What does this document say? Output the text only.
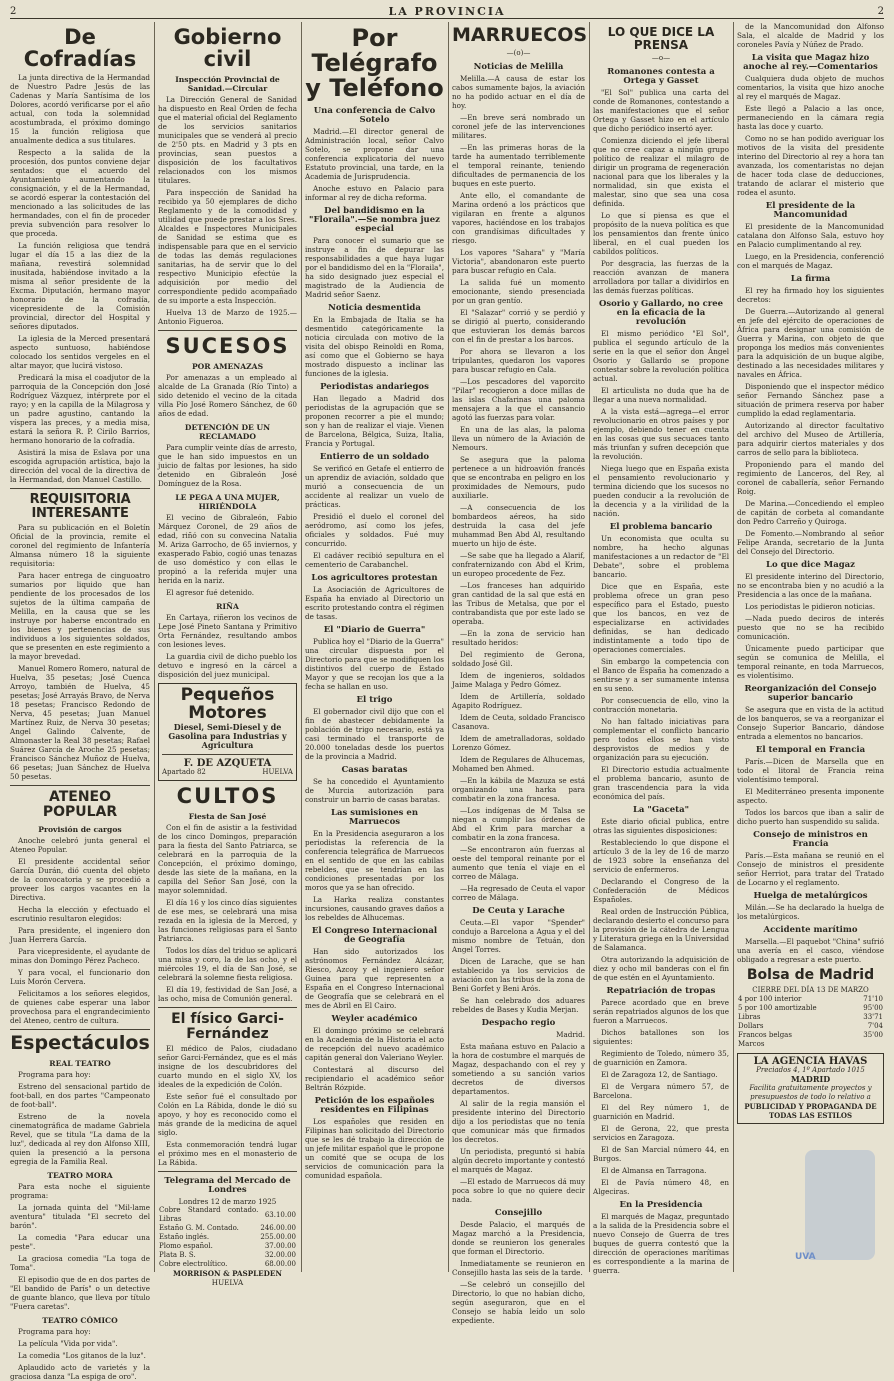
2	LA PROVINCIA	2
De Cofradías

La junta directiva de la Hermandad de Nuestro Padre Jesús de las Cadenas y María Santísima de los Dolores, acordó verificarse por el año actual, con toda la solemnidad acostumbrada, el próximo domingo 15 la función religiosa que anualmente dedica a sus titulares.

Respecto a la salida de la procesión, dos puntos conviene dejar sentados: que el acuerdo del Ayuntamiento aumentando la consignación, y el de la Hermandad, se acordó esperar la contestación del mencionado a las solicitudes de las hermandades, con el fin de proceder previa subvención para resolver lo que proceda.

La función religiosa que tendrá lugar el día 15 a las diez de la mañana, revestirá solemnidad inusitada, habiéndose invitado a la misma al señor presidente de la Excma. Diputación, hermano mayor honorario de la cofradía, vicepresidente de la Comisión provincial, director del Hospital y señores diputados.

La iglesia de la Merced presentará aspecto suntuoso, habiéndose colocado los sentidos vergeles en el altar mayor, que lucirá vistoso.

Predicará la misa el coadjutor de la parroquia de la Concepción don José Rodríguez Vázquez, intérprete por el rayo; y en la capilla de la Milagrosa y un padre agustino, cantando la víspera las preces, y a media misa, estará la señora R. P. Cirilo Barrios, hermano honorario de la cofradía.

Asistirá la misa de Eslava por una escogida agrupación artística, bajo la dirección del vocal de la directiva de la Hermandad, don Manuel Castillo.

REQUISITORIA INTERESANTE

Para su publicación en el Boletín Oficial de la provincia, remite el coronel del regimiento de Infantería Almansa número 18 la siguiente requisitoria:

Para hacer entrega de cinguoatro sumarios por liquido que han pendiente de los procesados de los sujetos de la última campaña de Melilla, en la causa que se les instruye por haberse encontrado en los bienes y pertenencias de sus individuos a los siguientes soldados, que se presenten en este regimiento a la mayor brevedad.

Manuel Romero Romero, natural de Huelva, 35 pesetas; José Cuenca Arroyo, también de Huelva, 45 pesetas; José Arrayás Bravo, de Nerva 18 pesetas; Francisco Redondo de Nerva, 45 pesetas; Juan Manuel Martínez Ruiz, de Nerva 30 pesetas; Angel Galindo Calvente, de Almonaster la Real 38 pesetas; Rafael Suárez García de Aroche 25 pesetas; Francisco Sánchez Muñoz de Huelva, 66 pesetas; Juan Sánchez de Huelva 50 pesetas.

ATENEO POPULAR
Provisión de cargos

Anoche celebró junta general el Ateneo Popular.

El presidente accidental señor García Durán, dió cuenta del objeto de la convocatoria y se procedió a proveer los cargos vacantes en la Directiva.

Hecha la elección y efectuado el escrutinio resultaron elegidos:

Para presidente, el ingeniero don Juan Herrera García.

Para vicepresidente, el ayudante de minas don Domingo Pérez Pacheco.

Y para vocal, el funcionario don Luis Morón Cervera.

Felicitamos a los señores elegidos, de quienes cabe esperar una labor provechosa para el engrandecimiento del Ateneo, centro de cultura.

Espectáculos
REAL TEATRO

Programa para hoy:

Estreno del sensacional partido de foot-ball, en dos partes "Campeonato de foot-ball".

Estreno de la novela cinematográfica de madame Gabriela Revel, que se titula "La dama de la luz", dedicada al rey don Alfonso XIII, quien la presenció a la persona egregia de la Familia Real.

TEATRO MORA

Para esta noche el siguiente programa:

La jornada quinta del "Mil-lame aventura" titulada "El secreto del barón".

La comedia "Para educar una peste".

La graciosa comedia "La toga de Toma".

El episodio que de en dos partes de "El bandido de París" o un detective de guante blanco, que lleva por título "Fuera caretas".

TEATRO CÓMICO

Programa para hoy:

La película "Vida por vida".

La comedia "Los gitanos de la luz".

Aplaudido acto de varietés y la graciosa danza "La espiga de oro".

Gobierno civil
Inspección Provincial de Sanidad.—Circular

La Dirección General de Sanidad ha dispuesto en Real Orden de fecha que el material oficial del Reglamento de los servicios sanitarios municipales que se venderá al precio de 2'50 pts. en Madrid y 3 pts en provincias, sean puestos a disposición de los facultativos relacionados con los mismos titulares.

Para inspección de Sanidad ha recibido ya 50 ejemplares de dicho Reglamento y de la comodidad y utilidad que puede prestar a los Sres. Alcaldes e Inspectores Municipales de Sanidad se estima que es indispensable para que en el servicio de todas las demás regulaciones sanitarias, ha de servir que lo del respectivo Municipio efectúe la adquisición por medio del correspondiente pedido acompañado de su importe a esta Inspección.

Huelva 13 de Marzo de 1925.—Antonio Figueroa.

SUCESOS
POR AMENAZAS

Por amenazas a un empleado al alcalde de La Granada (Río Tinto) a sido detenido el vecino de la citada villa Pío José Romero Sánchez, de 60 años de edad.

DETENCIÓN DE UN RECLAMADO

Para cumplir veinte días de arresto, que le han sido impuestos en un juicio de faltas por lesiones, ha sido detenido en Gibraleón José Domínguez de la Rosa.

LE PEGA A UNA MUJER, HIRIÉNDOLA

El vecino de Gibraleón, Fabio Márquez Coronel, de 29 años de edad, riñó con su convecina Natalia M. Ariza Garrocho, de 65 inviernos, y exasperado Fabio, cogió unas tenazas de uso doméstico y con ellas le propinó a la referida mujer una herida en la nariz.

El agresor fué detenido.

RIÑA

En Cartaya, riñeron los vecinos de Lepe José Pineto Santana y Primitivo Orta Fernández, resultando ambos con lesiones leves.

La guardia civil de dicho pueblo los detuvo e ingresó en la cárcel a disposición del juez municipal.

Pequeños Motores
Diesel, Semi-Diesel y de Gasolina para Industrias y Agricultura
F. DE AZQUETA
Apartado 82	HUELVA
CULTOS
Fiesta de San José

Con el fin de asistir a la festividad de los cinco Domingos, preparación para la fiesta del Santo Patriarca, se celebrará en la parroquia de la Concepción, el próximo domingo, desde las siete de la mañana, en la capilla del Señor San José, con la mayor solemnidad.

El día 16 y los cinco días siguientes de ese mes, se celebrará una misa rezada en la iglesia de la Merced, y las funciones religiosas para el Santo Patriarca.

Todos los días del triduo se aplicará una misa y coro, la de las ocho, y el miércoles 19, el día de San José, se celebrará la solemne fiesta religiosa.

El día 19, festividad de San José, a las ocho, misa de Comunión general.

El físico Garci-Fernández

El médico de Palos, ciudadano señor Garci-Fernández, que es el más insigne de los descubridores del cuarto mundo en el siglo XV, los ideales de la expedición de Colón.

Este señor fué el consultado por Colón en La Rábida, donde le dió su apoyo, y hoy es reconocido como el más grande de la medicina de aquel siglo.

Esta conmemoración tendrá lugar el próximo mes en el monasterio de La Rábida.

Telegrama del Mercado de Londres
Londres 12 de marzo 1925
Cobre Standard contado. Libras	63.10.00
Estaño G. M. Contado.	246.00.00
Estaño inglés.	255.00.00
Plomo español.	37.00.00
Plata B. S.	32.00.00
Cobre electrolítico.	68.00.00
MORRISON & PASPLEDEN
HUELVA
Por Telégrafo y Teléfono
Una conferencia de Calvo Sotelo

Madrid.—El director general de Administración local, señor Calvo Sotelo, se propone dar una conferencia explicatoria del nuevo Estatuto provincial, una tarde, en la Academia de Jurisprudencia.

Anoche estuvo en Palacio para informar al rey de dicha reforma.

Del bandidismo en la "Floraila".—Se nombra juez especial

Para conocer el sumario que se instruye a fin de depurar las responsabilidades a que haya lugar por el bandidismo del en la "Floraila", ha sido designado juez especial el magistrado de la Audiencia de Madrid señor Saenz.

Noticia desmentida

En la Embajada de Italia se ha desmentido categóricamente la noticia circulada con motivo de la visita del obispo Reinoldi en Roma, así como que el Gobierno se haya mostrado dispuesto a inclinar las funciones de la iglesia.

Periodistas andariegos

Han llegado a Madrid dos periodistas de la agrupación que se proponen recorrer a pie el mundo; son y han de realizar el viaje. Vienen de Barcelona, Bélgica, Suiza, Italia, Francia y Portugal.

Entierro de un soldado

Se verificó en Getafe el entierro de un aprendiz de aviación, soldado que murió a consecuencia de un accidente al realizar un vuelo de prácticas.

Presidió el duelo el coronel del aeródromo, así como los jefes, oficiales y soldados. Fué muy concurrido.

El cadáver recibió sepultura en el cementerio de Carabanchel.

Los agricultores protestan

La Asociación de Agricultores de España ha enviado al Directorio un escrito protestando contra el régimen de tasas.

El "Diario de Guerra"

Publica hoy el "Diario de la Guerra" una circular dispuesta por el Directorio para que se modifiquen los distintivos del cuerpo de Estado Mayor y que se recojan los que a la fecha se hallan en uso.

El trigo

El gobernador civil dijo que con el fin de abastecer debidamente la población de trigo necesario, está ya casi terminado el transporte de 20.000 toneladas desde los puertos de la provincia a Madrid.

Casas baratas

Se ha concedido el Ayuntamiento de Murcia autorización para construir un barrio de casas baratas.

Las sumisiones en Marruecos

En la Presidencia aseguraron a los periodistas la referencia de la conferencia telegráfica de Marruecos en el sentido de que en las cabilas rebeldes, que se tendrían en las condiciones presentadas por los moros que ya se han ofrecido.

La Harka realiza constantes incursiones, causando graves daños a los rebeldes de Alhucemas.

El Congreso Internacional de Geografía

Han sido autorizados los astrónomos Fernández Alcázar, Riesco, Azcoy y el ingeniero señor Guinea para que representen a España en el Congreso Internacional de Geografía que se celebrará en el mes de Abril en El Cairo.

Weyler académico

El domingo próximo se celebrará en la Academia de la Historia el acto de recepción del nuevo académico capitán general don Valeriano Weyler.

Contestará al discurso del recipiendario el académico señor Beltrán Rózpide.

Petición de los españoles residentes en Filipinas

Los españoles que residen en Filipinas han solicitado del Directorio que se les dé trabajo la dirección de un jefe militar español que le propone un comité que se ocupa de los servicios de comunicación para la comunidad española.

MARRUECOS
—(o)—
Noticias de Melilla

Melilla.—A causa de estar los cabos sumamente bajos, la aviación no ha podido actuar en el día de hoy.

—En breve será nombrado un coronel jefe de las intervenciones militares.

—En las primeras horas de la tarde ha aumentado terriblemente el temporal reinante, teniendo dificultades de permanencia de los buques en este puerto.

Ante ello, el comandante de Marina ordenó a los prácticos que vigilaran en frente a algunos vapores, haciéndose en los trabajos con grandísimas dificultades y riesgo.

Los vapores "Sahara" y "María Victoria", abandonaron este puerto para buscar refugio en Cala.

La salida fué un momento emocionante, siendo presenciada por un gran gentío.

El "Salazar" corrió y se perdió y se dirigió al puerto, considerando que estuvieran los demás barcos con el fin de prestar a los barcos.

Por ahora se llevaron a los tripulantes, quedaron los vapores para buscar refugio en Cala.

—Los pescadores del vaporcito "Pilar" recogieron a doce millas de las islas Chafarinas una paloma mensajera a la que el cansancio agotó las fuerzas para volar.

En una de las alas, la paloma lleva un número de la Aviación de Nemours.

Se asegura que la paloma pertenece a un hidroavión francés que se encontraba en peligro en los proximidades de Nemours, pudo auxiliarle.

—A consecuencia de los bombardeos aéreos, ha sido destruida la casa del jefe muhammad Ben Abd Al, resultando muerto un hijo de éste.

—Se sabe que ha llegado a Alarif, confraternizando con Abd el Krim, un europeo procedente de Fez.

—Los franceses han adquirido gran cantidad de la sal que está en las Tribus de Metalsa, que por el contrabandista que por este lado se operaba.

—En la zona de servicio han resultado heridos:

Del regimiento de Gerona, soldado José Gil.

Idem de ingenieros, soldados Jaime Malaga y Pedro Gómez.

Idem de Artillería, soldado Agapito Rodríguez.

Idem de Ceuta, soldado Francisco Casanova.

Idem de ametralladoras, soldado Lorenzo Gómez.

Idem de Regulares de Alhucemas, Mohamed ben Ahmed.

—En la kábila de Mazuza se está organizando una harka para combatir en la zona francesa.

—Los indígenas de M Talsa se niegan a cumplir las órdenes de Abd el Krim para marchar a combatir en la zona francesa.

—Se encontraron aún fuerzas al oeste del temporal reinante por el aumento que tenía el viaje en el correo de Málaga.

—Ha regresado de Ceuta el vapor correo de Málaga.

De Ceuta y Larache

Ceuta.—El vapor "Spender" condujo a Barcelona a Agua y el del mismo nombre de Tetuán, don Angel Torres.

Dicen de Larache, que se han establecido ya los servicios de aviación con las tribus de la zona de Beni Gorfet y Beni Arós.

Se han celebrado dos aduares rebeldes de Bases y Kudia Merjan.

Despacho regio

Madrid.

Esta mañana estuvo en Palacio a la hora de costumbre el marqués de Magaz, despachando con el rey y sometiendo a su sanción varios decretos de diversos departamentos.

Al salir de la regia mansión el presidente interino del Directorio dijo a los periodistas que no tenía que comunicar más que firmados los decretos.

Un periodista, preguntó si había algún decreto importante y contestó el marqués de Magaz.

—El estado de Marruecos dá muy poca sobre lo que no quiere decir nada.

Consejillo

Desde Palacio, el marqués de Magaz marchó a la Presidencia, donde se reunieron los generales que forman el Directorio.

Inmediatamente se reunieron en Consejillo hasta las seis de la tarde.

—Se celebró un consejillo del Directorio, lo que no habían dicho, según aseguraron, que en el Consejo se había leído un solo expediente.

LO QUE DICE LA PRENSA
—o—
Romanones contesta a Ortega y Gasset

"El Sol" publica una carta del conde de Romanones, contestando a las manifestaciones que el señor Ortega y Gasset hizo en el artículo que dicho periódico insertó ayer.

Comienza diciendo el jefe liberal que no cree capaz a ningún grupo político de realizar el milagro de dirigir un programa de regeneración nacional para que los liberales y la normalidad, sin que exista el malestar, sino que sea una cosa definida.

Lo que sí piensa es que el propósito de la nueva política es que los pensamientos dan frente único liberal, en el cual pueden los cabildos políticos.

Por desgracia, las fuerzas de la reacción avanzan de manera arrolladora por tallar a dividirlos en las demás fuerzas políticas.

Osorio y Gallardo, no cree en la eficacia de la revolución

El mismo periódico "El Sol", publica el segundo artículo de la serie en la que el señor don Ángel Osorio y Gallardo se propone contestar sobre la revolución política actual.

El articulista no duda que ha de llegar a una nueva normalidad.

A la vista está—agrega—el error revolucionario en otros países y por ejemplo, debiendo tener en cuenta en las cosas que sus secuaces tanto más triunfan y sufren decepción que la revolución.

Niega luego que en España exista el pensamiento revolucionario y termina diciendo que los sucesos no pueden conducir a la revolución de la decencia y a la virilidad de la nación.

El problema bancario

Un economista que oculta su nombre, ha hecho algunas manifestaciones a un redactor de "El Debate", sobre el problema bancario.

Dice que en España, este problema ofrece un gran peso específico para el Estado, puesto que los bancos, en vez de especializarse en actividades definidas, se han dedicado indistintamente a todo tipo de operaciones comerciales.

Sin embargo la competencia con el Banco de España ha comenzado a sentirse y a ser sumamente intensa en su seno.

Por consecuencia de ello, vino la contracción monetaria.

No han faltado iniciativas para complementar el conflicto bancario pero todos ellos se han visto desprovistos de medios y de organización para su ejecución.

El Directorio estudia actualmente el problema bancario, asunto de gran trascendencia para la vida económica del país.

La "Gaceta"

Este diario oficial publica, entre otras las siguientes disposiciones:

Restableciendo lo que dispone el artículo 3 de la ley de 16 de marzo de 1923 sobre la enseñanza del servicio de enfermeros.

Declarando el Congreso de la Confederación de Médicos Españoles.

Real orden de Instrucción Pública, declarando desierto el concurso para la provisión de la cátedra de Lengua y Literatura griega en la Universidad de Salamanca.

Otra autorizando la adquisición de diez y ocho mil banderas con el fin de que estén en el Ayuntamiento.

Repatriación de tropas

Parece acordado que en breve serán repatriados algunos de los que fueron a Marruecos.

Dichos batallones son los siguientes:

Regimiento de Toledo, número 35, de guarnición en Zamora.

El de Zaragoza 12, de Santiago.

El de Vergara número 57, de Barcelona.

El del Rey número 1, de guarnición en Madrid.

El de Gerona, 22, que presta servicios en Zaragoza.

El de San Marcial número 44, en Burgos.

El de Almansa en Tarragona.

El de Pavía número 48, en Algeciras.

En la Presidencia

El marqués de Magaz, preguntado a la salida de la Presidencia sobre el nuevo Consejo de Guerra de tres buques de guerra contestó que la dirección de operaciones marítimas es correspondiente a la marina de guerra.

de la Mancomunidad don Alfonso Sala, el alcalde de Madrid y los coroneles Pavía y Núñez de Prado.

La visita que Magaz hizo anoche al rey.—Comentarios

Cualquiera duda objeto de muchos comentarios, la visita que hizo anoche al rey el marqués de Magaz.

Este llegó a Palacio a las once, permaneciendo en la cámara regia hasta las doce y cuarto.

Como no se han podido averiguar los motivos de la visita del presidente interino del Directorio al rey a hora tan avanzada, los comentaristas no dejan de hacer toda clase de deducciones, tratando de aclarar el misterio que rodea el asunto.

El presidente de la Mancomunidad

El presidente de la Mancomunidad catalana don Alfonso Sala, estuvo hoy en Palacio cumplimentando al rey.

Luego, en la Presidencia, conferenció con el marqués de Magaz.

La firma

El rey ha firmado hoy los siguientes decretos:

De Guerra.—Autorizando al general en jefe del ejército de operaciones de África para designar una comisión de Guerra y Marina, con objeto de que proponga los medios más convenientes para la adquisición de un buque algibe, destinado a las necesidades militares y navales en África.

Disponiendo que el inspector médico señor Fernando Sánchez pase a situación de primera reserva por haber cumplido la edad reglamentaria.

Autorizando al director facultativo del archivo del Museo de Artillería, para adquirir ciertos materiales y dos carros de sello para la biblioteca.

Proponiendo para el mando del regimiento de Lanceros, del Rey, al coronel de caballería, señor Fernando Roig.

De Marina.—Concediendo el empleo de capitán de corbeta al comandante don Pedro Carreño y Quiroga.

De Fomento.—Nombrando al señor Felipe Aranda, secretario de la Junta del Consejo del Directorio.

Lo que dice Magaz

El presidente interino del Directorio, no se encontraba bien y no acudió a la Presidencia a las once de la mañana.

Los periodistas le pidieron noticias.

—Nada puedo deciros de interés puesto que no se ha recibido comunicación.

Únicamente puedo participar que según se comunica de Melilla, el temporal reinante, en toda Marruecos, es violentísimo.

Reorganización del Consejo superior bancario

Se asegura que en vista de la actitud de los banqueros, se va a reorganizar el Consejo Superior Bancario, dándose entrada a elementos no bancarios.

El temporal en Francia

París.—Dicen de Marsella que en todo el litoral de Francia reina violentísimo temporal.

El Mediterráneo presenta imponente aspecto.

Todos los barcos que iban a salir de dicho puerto han suspendido su salida.

Consejo de ministros en Francia

París.—Esta mañana se reunió en el Consejo de ministros el presidente señor Herriot, para tratar del Tratado de Locarno y el reglamento.

Huelga de metalúrgicos

Milán.—Se ha declarado la huelga de los metalúrgicos.

Accidente marítimo

Marsella.—El paquebot "China" sufrió una avería en el casco, viéndose obligado a regresar a este puerto.

Bolsa de Madrid
CIERRE DEL DÍA 13 DE MARZO
4 por 100 interior	71'10
5 por 100 amortizable	95'00
Libras	33'71
Dollars	7'04
Francos belgas	35'00
Marcos	
LA AGENCIA HAVAS
Preciados 4, 1º Apartado 1015
MADRID
Facilita gratuitamente proyectos y presupuestos de todo lo relativo a
PUBLICIDAD Y PROPAGANDA DE TODAS LAS ESTILOS
UVA
